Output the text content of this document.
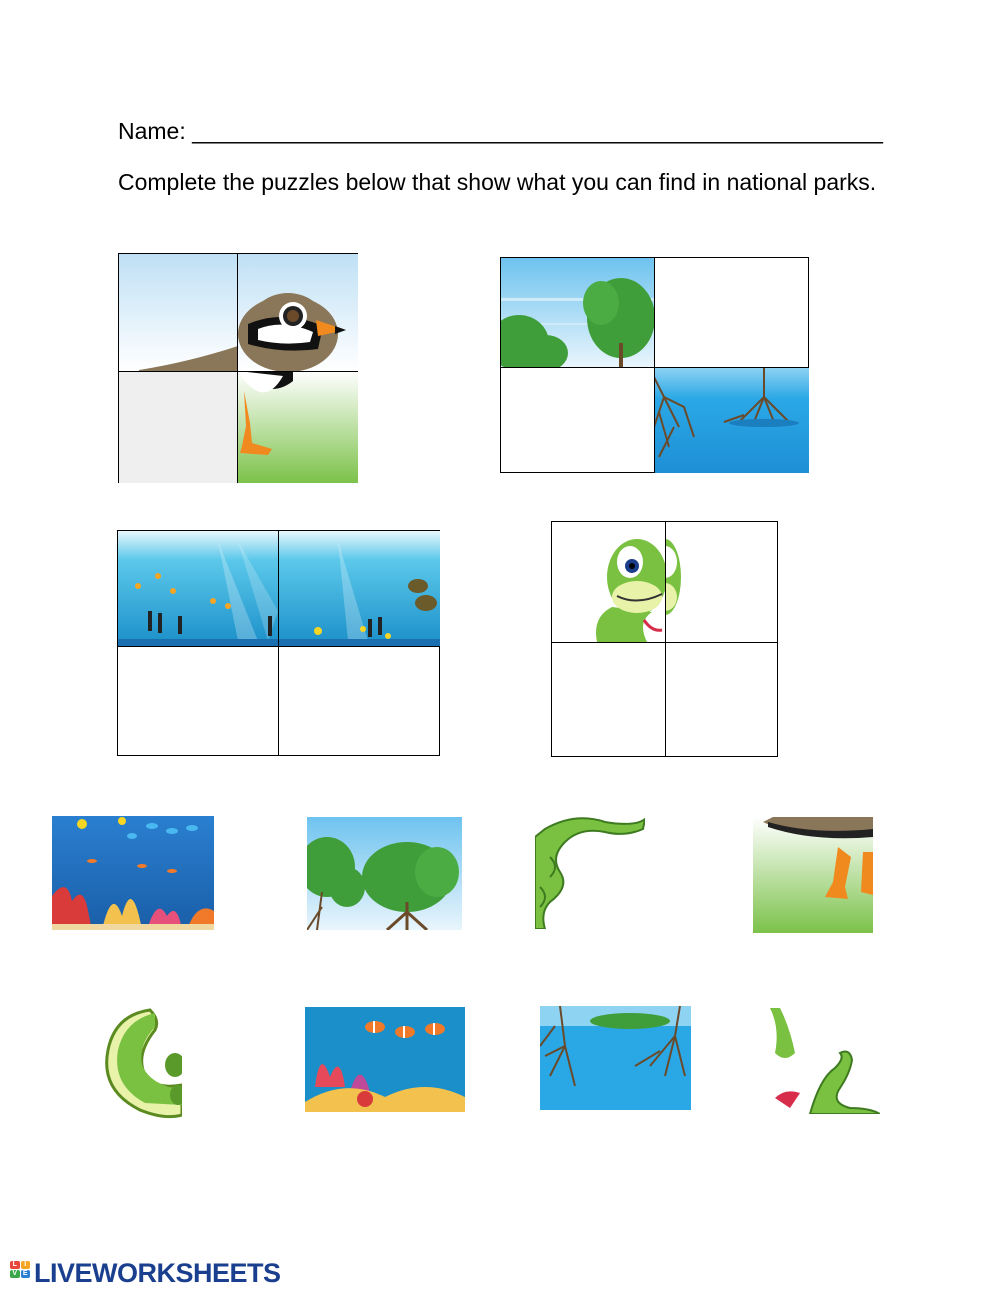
Name: ______________________________________________________
Complete the puzzles below that show what you can find in national parks.
L	I
V E LIVEWORKSHEETS
